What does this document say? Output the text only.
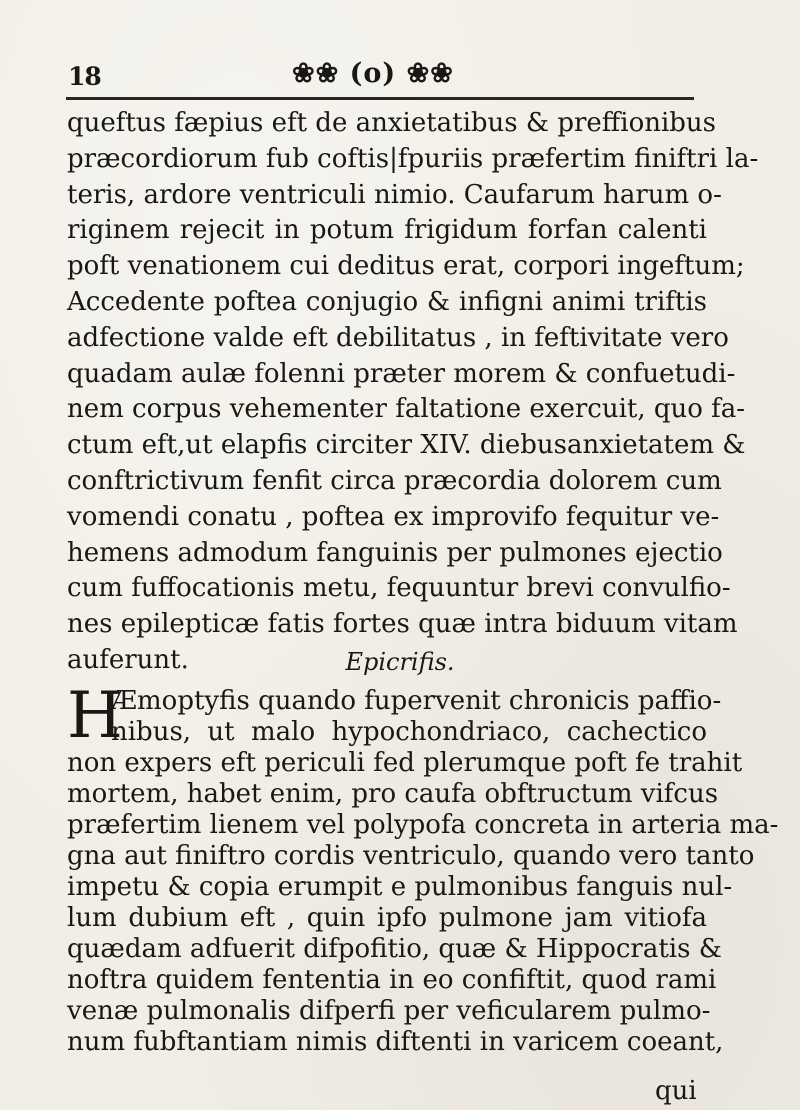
18	❀❀ (o) ❀❀
queftus fæpius eft de anxietatibus & preffionibus
præcordiorum fub coftis|fpuriis præfertim finiftri la-
teris, ardore ventriculi nimio. Caufarum harum o-
riginem rejecit in potum frigidum forfan calenti
poft venationem cui deditus erat, corpori ingeftum;
Accedente poftea conjugio & infigni animi triftis
adfectione valde eft debilitatus , in feftivitate vero
quadam aulæ folenni præter morem & confuetudi-
nem corpus vehementer faltatione exercuit, quo fa-
ctum eft,ut elapfis circiter XIV. diebusanxietatem &
conftrictivum fenfit circa præcordia dolorem cum
vomendi conatu , poftea ex improvifo fequitur ve-
hemens admodum fanguinis per pulmones ejectio
cum fuffocationis metu, fequuntur brevi convulfio-
nes epilepticæ fatis fortes quæ intra biduum vitam
auferunt.	Epicrifis.
H
Æmoptyfis quando fupervenit chronicis paffio-
nibus, ut malo hypochondriaco, cachectico
non expers eft periculi fed plerumque poft fe trahit
mortem, habet enim, pro caufa obftructum vifcus
præfertim lienem vel polypofa concreta in arteria ma-
gna aut finiftro cordis ventriculo, quando vero tanto
impetu & copia erumpit e pulmonibus fanguis nul-
lum dubium eft , quin ipfo pulmone jam vitiofa
quædam adfuerit difpofitio, quæ & Hippocratis &
noftra quidem fententia in eo confiftit, quod rami
venæ pulmonalis difperfi per veficularem pulmo-
num fubftantiam nimis diftenti in varicem coeant,
qui
